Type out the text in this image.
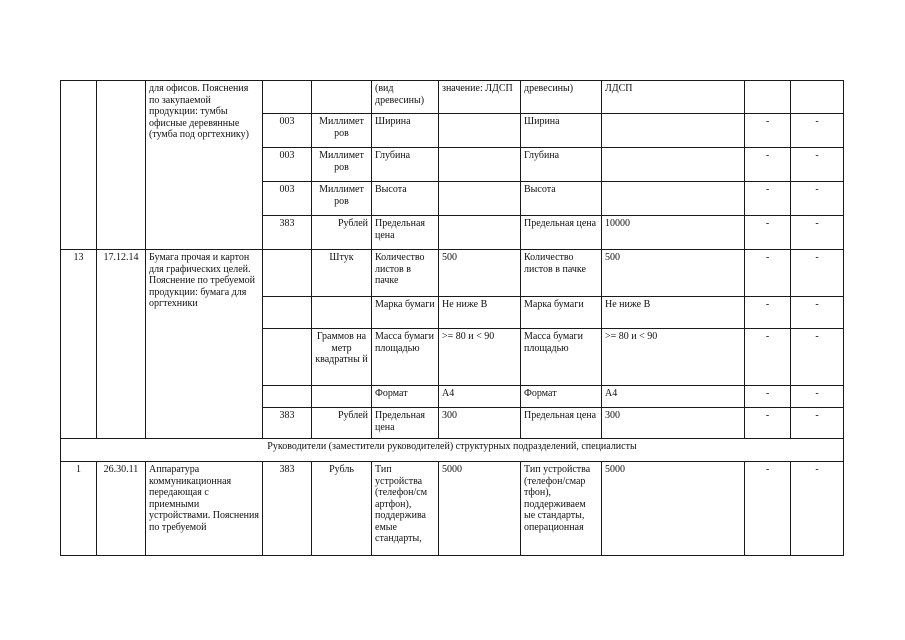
		для офисов. Пояснения по закупаемой продукции: тумбы офисные деревянные (тумба под оргтехнику)			(вид древесины)	значение: ЛДСП	древесины)	ЛДСП		
			003	Миллимет ров	Ширина		Ширина		-	-
			003	Миллимет ров	Глубина		Глубина		-	-
			003	Миллимет ров	Высота		Высота		-	-
			383	Рублей	Предельная цена		Предельная цена	10000	-	-
13	17.12.14	Бумага прочая и картон для графических целей. Пояснение по требуемой продукции: бумага для оргтехники		Штук	Количество листов в пачке	500	Количество листов в пачке	500	-	-
					Марка бумаги	Не ниже В	Марка бумаги	Не ниже В	-	-
				Граммов на метр квадратны й	Масса бумаги площадью	>= 80 и < 90	Масса бумаги площадью	>= 80 и < 90	-	-
					Формат	А4	Формат	А4	-	-
			383	Рублей	Предельная цена	300	Предельная цена	300	-	-
Руководители (заместители руководителей) структурных подразделений, специалисты										
1	26.30.11	Аппаратура коммуникационная передающая с приемными устройствами. Пояснения по требуемой	383	Рубль	Тип устройства (телефон/см артфон), поддержива емые стандарты,	5000	Тип устройства (телефон/смар тфон), поддерживаем ые стандарты, операционная	5000	-	-
